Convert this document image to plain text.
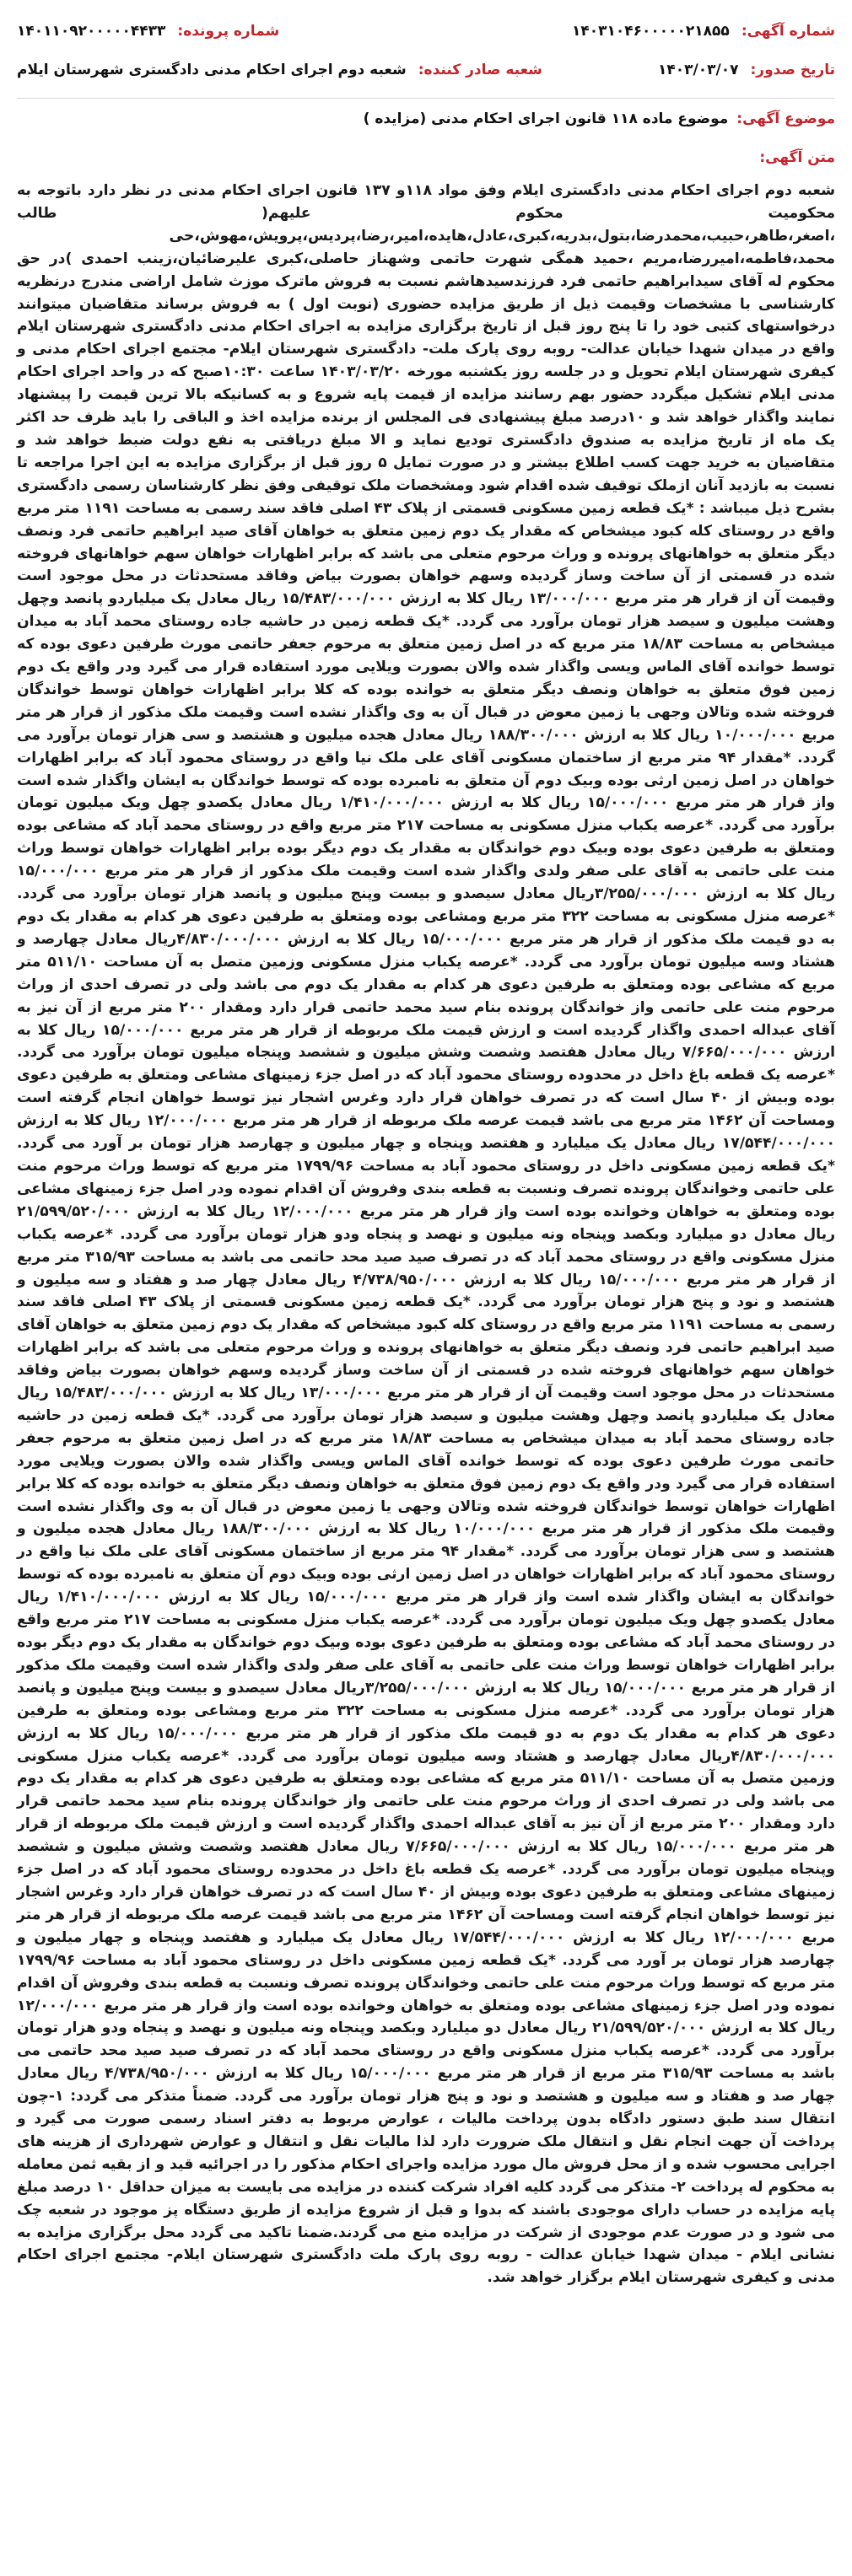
شماره آگهی:
۱۴۰۳۱۰۴۶۰۰۰۰۰۲۱۸۵۵
شماره پرونده:
۱۴۰۱۱۰۹۲۰۰۰۰۰۴۴۳۳
تاریخ صدور:
۱۴۰۳/۰۳/۰۷
شعبه صادر کننده:
شعبه دوم اجرای احکام مدنی دادگستری شهرستان ایلام
موضوع آگهی:
موضوع ماده ۱۱۸ قانون اجرای احکام مدنی (مزایده )
متن آگهی:
شعبه دوم اجرای احکام مدنی دادگستری ایلام وفق مواد ۱۱۸و ۱۳۷ قانون اجرای احکام مدنی در نظر دارد باتوجه به محکومیت محکوم علیهم( طالب ،اصغر،طاهر،حبیب،محمدرضا،بتول،بدریه،کبری،عادل،هایده،امیر،رضا،پردیس،پرویش،مهوش،حی محمد،فاطمه،امیررضا،مریم ،حمید همگی شهرت حاتمی وشهناز حاصلی،کبری علیرضائیان،زینب احمدی )در حق محکوم له آقای سیدابراهیم حاتمی فرد فرزندسیدهاشم نسبت به فروش ماترک موزث شامل اراضی مندرج درنظریه کارشناسی با مشخصات وقیمت ذیل از طریق مزایده حضوری (نوبت اول ) به فروش برساند متقاضیان میتوانند درخواستهای کتبی خود را تا پنج روز قبل از تاریخ برگزاری مزایده به اجرای احکام مدنی دادگستری شهرستان ایلام واقع در میدان شهدا خیابان عدالت- روبه روی پارک ملت- دادگستری شهرستان ایلام- مجتمع اجرای احکام مدنی و کیفری شهرستان ایلام تحویل و در جلسه روز یکشنبه مورخه ۱۴۰۳/۰۳/۲۰ ساعت ۱۰:۳۰صبح که در واحد اجرای احکام مدنی ایلام تشکیل میگردد حضور بهم رسانند مزایده از قیمت پایه شروع و به کسانیکه بالا ترین قیمت را پیشنهاد نمایند واگذار خواهد شد و ۱۰درصد مبلغ پیشنهادی فی المجلس از برنده مزایده اخذ و الباقی را باید ظرف حد اکثر یک ماه از تاریخ مزایده به صندوق دادگستری تودیع نماید و الا مبلغ دریافتی به نفع دولت ضبط خواهد شد و متقاضیان به خرید جهت کسب اطلاع بیشتر و در صورت تمایل ۵ روز قبل از برگزاری مزایده به این اجرا مراجعه تا نسبت به بازدید آنان ازملک توقیف شده اقدام شود ومشخصات ملک توقیفی وفق نظر کارشناسان رسمی دادگستری بشرح ذیل میباشد : *یک قطعه زمین مسکونی قسمتی از پلاک ۴۳ اصلی فاقد سند رسمی به مساحت ۱۱۹۱ متر مربع واقع در روستای کله کبود میشخاص که مقدار یک دوم زمین متعلق به خواهان آقای صید ابراهیم حاتمی فرد ونصف دیگر متعلق به خواهانهای پرونده و وراث مرحوم متعلی می باشد که برابر اظهارات خواهان سهم خواهانهای فروخته شده در قسمتی از آن ساخت وساز گردیده وسهم خواهان بصورت بیاض وفاقد مستحدثات در محل موجود است وقیمت آن از قرار هر متر مربع ۱۳/۰۰۰/۰۰۰ ریال کلا به ارزش ۱۵/۴۸۳/۰۰۰/۰۰۰ ریال معادل یک میلیاردو پانصد وچهل وهشت میلیون و سیصد هزار تومان برآورد می گردد. *یک قطعه زمین در حاشیه جاده روستای محمد آباد به میدان میشخاص به مساحت ۱۸/۸۳ متر مربع که در اصل زمین متعلق به مرحوم جعفر حاتمی مورث طرفین دعوی بوده که توسط خوانده آقای الماس ویسی واگذار شده والان بصورت ویلایی مورد استفاده قرار می گیرد ودر واقع یک دوم زمین فوق متعلق به خواهان ونصف دیگر متعلق به خوانده بوده که کلا برابر اظهارات خواهان توسط خواندگان فروخته شده وتالان وجهی یا زمین معوض در قبال آن به وی واگذار نشده است وقیمت ملک مذکور از قرار هر متر مربع ۱۰/۰۰۰/۰۰۰ ریال کلا به ارزش ۱۸۸/۳۰۰/۰۰۰ ریال معادل هجده میلیون و هشتصد و سی هزار تومان برآورد می گردد. *مقدار ۹۴ متر مربع از ساختمان مسکونی آقای علی ملک نیا واقع در روستای محمود آباد که برابر اظهارات خواهان در اصل زمین ارثی بوده وبیک دوم آن متعلق به نامبرده بوده که توسط خواندگان به ایشان واگذار شده است واز قرار هر متر مربع ۱۵/۰۰۰/۰۰۰ ریال کلا به ارزش ۱/۴۱۰/۰۰۰/۰۰۰ ریال معادل یکصدو چهل ویک میلیون تومان برآورد می گردد. *عرصه یکباب منزل مسکونی به مساحت ۲۱۷ متر مربع واقع در روستای محمد آباد که مشاعی بوده ومتعلق به طرفین دعوی بوده وبیک دوم خواندگان به مقدار یک دوم دیگر بوده برابر اظهارات خواهان توسط وراث منت علی حاتمی به آقای علی صفر ولدی واگذار شده است وقیمت ملک مذکور از قرار هر متر مربع ۱۵/۰۰۰/۰۰۰ ریال کلا به ارزش ۳/۲۵۵/۰۰۰/۰۰۰ریال معادل سیصدو و بیست وپنج میلیون و پانصد هزار تومان برآورد می گردد. *عرصه منزل مسکونی به مساحت ۳۲۲ متر مربع ومشاعی بوده ومتعلق به طرفین دعوی هر کدام به مقدار یک دوم به دو قیمت ملک مذکور از قرار هر متر مربع ۱۵/۰۰۰/۰۰۰ ریال کلا به ارزش ۴/۸۳۰/۰۰۰/۰۰۰ریال معادل چهارصد و هشتاد وسه میلیون تومان برآورد می گردد. *عرصه یکباب منزل مسکونی وزمین متصل به آن مساحت ۵۱۱/۱۰ متر مربع که مشاعی بوده ومتعلق به طرفین دعوی هر کدام به مقدار یک دوم می باشد ولی در تصرف احدی از وراث مرحوم منت علی حاتمی واز خواندگان پرونده بنام سید محمد حاتمی قرار دارد ومقدار ۲۰۰ متر مربع از آن نیز به آقای عبداله احمدی واگذار گردیده است و ارزش قیمت ملک مربوطه از قرار هر متر مربع ۱۵/۰۰۰/۰۰۰ ریال کلا به ارزش ۷/۶۶۵/۰۰۰/۰۰۰ ریال معادل هفتصد وشصت وشش میلیون و ششصد وپنجاه میلیون تومان برآورد می گردد. *عرصه یک قطعه باغ داخل در محدوده روستای محمود آباد که در اصل جزء زمینهای مشاعی ومتعلق به طرفین دعوی بوده وبیش از ۴۰ سال است که در تصرف خواهان قرار دارد وغرس اشجار نیز توسط خواهان انجام گرفته است ومساحت آن ۱۴۶۲ متر مربع می باشد قیمت عرصه ملک مربوطه از قرار هر متر مربع ۱۲/۰۰۰/۰۰۰ ریال کلا به ارزش ۱۷/۵۴۴/۰۰۰/۰۰۰ ریال معادل یک میلیارد و هفتصد وپنجاه و چهار میلیون و چهارصد هزار تومان بر آورد می گردد. *یک قطعه زمین مسکونی داخل در روستای محمود آباد به مساحت ۱۷۹۹/۹۶ متر مربع که توسط وراث مرحوم منت علی حاتمی وخواندگان پرونده تصرف ونسبت به قطعه بندی وفروش آن اقدام نموده ودر اصل جزء زمینهای مشاعی بوده ومتعلق به خواهان وخوانده بوده است واز قرار هر متر مربع ۱۲/۰۰۰/۰۰۰ ریال کلا به ارزش ۲۱/۵۹۹/۵۲۰/۰۰۰ ریال معادل دو میلیارد وبکصد وپنجاه ونه میلیون و نهصد و پنجاه ودو هزار تومان برآورد می گردد. *عرصه یکباب منزل مسکونی واقع در روستای محمد آباد که در تصرف صید صید محد حاتمی می باشد به مساحت ۳۱۵/۹۳ متر مربع از قرار هر متر مربع ۱۵/۰۰۰/۰۰۰ ریال کلا به ارزش ۴/۷۳۸/۹۵۰/۰۰۰ ریال معادل چهار صد و هفتاد و سه میلیون و هشتصد و نود و پنج هزار تومان برآورد می گردد. *یک قطعه زمین مسکونی قسمتی از پلاک ۴۳ اصلی فاقد سند رسمی به مساحت ۱۱۹۱ متر مربع واقع در روستای کله کبود میشخاص که مقدار یک دوم زمین متعلق به خواهان آقای صید ابراهیم حاتمی فرد ونصف دیگر متعلق به خواهانهای پرونده و وراث مرحوم متعلی می باشد که برابر اظهارات خواهان سهم خواهانهای فروخته شده در قسمتی از آن ساخت وساز گردیده وسهم خواهان بصورت بیاض وفاقد مستحدثات در محل موجود است وقیمت آن از قرار هر متر مربع ۱۳/۰۰۰/۰۰۰ ریال کلا به ارزش ۱۵/۴۸۳/۰۰۰/۰۰۰ ریال معادل یک میلیاردو پانصد وچهل وهشت میلیون و سیصد هزار تومان برآورد می گردد. *یک قطعه زمین در حاشیه جاده روستای محمد آباد به میدان میشخاص به مساحت ۱۸/۸۳ متر مربع که در اصل زمین متعلق به مرحوم جعفر حاتمی مورث طرفین دعوی بوده که توسط خوانده آقای الماس ویسی واگذار شده والان بصورت ویلایی مورد استفاده قرار می گیرد ودر واقع یک دوم زمین فوق متعلق به خواهان ونصف دیگر متعلق به خوانده بوده که کلا برابر اظهارات خواهان توسط خواندگان فروخته شده وتالان وجهی یا زمین معوض در قبال آن به وی واگذار نشده است وقیمت ملک مذکور از قرار هر متر مربع ۱۰/۰۰۰/۰۰۰ ریال کلا به ارزش ۱۸۸/۳۰۰/۰۰۰ ریال معادل هجده میلیون و هشتصد و سی هزار تومان برآورد می گردد. *مقدار ۹۴ متر مربع از ساختمان مسکونی آقای علی ملک نیا واقع در روستای محمود آباد که برابر اظهارات خواهان در اصل زمین ارثی بوده وبیک دوم آن متعلق به نامبرده بوده که توسط خواندگان به ایشان واگذار شده است واز قرار هر متر مربع ۱۵/۰۰۰/۰۰۰ ریال کلا به ارزش ۱/۴۱۰/۰۰۰/۰۰۰ ریال معادل یکصدو چهل ویک میلیون تومان برآورد می گردد. *عرصه یکباب منزل مسکونی به مساحت ۲۱۷ متر مربع واقع در روستای محمد آباد که مشاعی بوده ومتعلق به طرفین دعوی بوده وبیک دوم خواندگان به مقدار یک دوم دیگر بوده برابر اظهارات خواهان توسط وراث منت علی حاتمی به آقای علی صفر ولدی واگذار شده است وقیمت ملک مذکور از قرار هر متر مربع ۱۵/۰۰۰/۰۰۰ ریال کلا به ارزش ۳/۲۵۵/۰۰۰/۰۰۰ریال معادل سیصدو و بیست وپنج میلیون و پانصد هزار تومان برآورد می گردد. *عرصه منزل مسکونی به مساحت ۳۲۲ متر مربع ومشاعی بوده ومتعلق به طرفین دعوی هر کدام به مقدار یک دوم به دو قیمت ملک مذکور از قرار هر متر مربع ۱۵/۰۰۰/۰۰۰ ریال کلا به ارزش ۴/۸۳۰/۰۰۰/۰۰۰ریال معادل چهارصد و هشتاد وسه میلیون تومان برآورد می گردد. *عرصه یکباب منزل مسکونی وزمین متصل به آن مساحت ۵۱۱/۱۰ متر مربع که مشاعی بوده ومتعلق به طرفین دعوی هر کدام به مقدار یک دوم می باشد ولی در تصرف احدی از وراث مرحوم منت علی حاتمی واز خواندگان پرونده بنام سید محمد حاتمی قرار دارد ومقدار ۲۰۰ متر مربع از آن نیز به آقای عبداله احمدی واگذار گردیده است و ارزش قیمت ملک مربوطه از قرار هر متر مربع ۱۵/۰۰۰/۰۰۰ ریال کلا به ارزش ۷/۶۶۵/۰۰۰/۰۰۰ ریال معادل هفتصد وشصت وشش میلیون و ششصد وپنجاه میلیون تومان برآورد می گردد. *عرصه یک قطعه باغ داخل در محدوده روستای محمود آباد که در اصل جزء زمینهای مشاعی ومتعلق به طرفین دعوی بوده وبیش از ۴۰ سال است که در تصرف خواهان قرار دارد وغرس اشجار نیز توسط خواهان انجام گرفته است ومساحت آن ۱۴۶۲ متر مربع می باشد قیمت عرصه ملک مربوطه از قرار هر متر مربع ۱۲/۰۰۰/۰۰۰ ریال کلا به ارزش ۱۷/۵۴۴/۰۰۰/۰۰۰ ریال معادل یک میلیارد و هفتصد وپنجاه و چهار میلیون و چهارصد هزار تومان بر آورد می گردد. *یک قطعه زمین مسکونی داخل در روستای محمود آباد به مساحت ۱۷۹۹/۹۶ متر مربع که توسط وراث مرحوم منت علی حاتمی وخواندگان پرونده تصرف ونسبت به قطعه بندی وفروش آن اقدام نموده ودر اصل جزء زمینهای مشاعی بوده ومتعلق به خواهان وخوانده بوده است واز قرار هر متر مربع ۱۲/۰۰۰/۰۰۰ ریال کلا به ارزش ۲۱/۵۹۹/۵۲۰/۰۰۰ ریال معادل دو میلیارد وبکصد وپنجاه ونه میلیون و نهصد و پنجاه ودو هزار تومان برآورد می گردد. *عرصه یکباب منزل مسکونی واقع در روستای محمد آباد که در تصرف صید صید محد حاتمی می باشد به مساحت ۳۱۵/۹۳ متر مربع از قرار هر متر مربع ۱۵/۰۰۰/۰۰۰ ریال کلا به ارزش ۴/۷۳۸/۹۵۰/۰۰۰ ریال معادل چهار صد و هفتاد و سه میلیون و هشتصد و نود و پنج هزار تومان برآورد می گردد. ضمناً متذکر می گردد: ۱-چون انتقال سند طبق دستور دادگاه بدون پرداخت مالیات ، عوارض مربوط به دفتر اسناد رسمی صورت می گیرد و پرداخت آن جهت انجام نقل و انتقال ملک ضرورت دارد لذا مالیات نقل و انتقال و عوارض شهرداری از هزینه های اجرایی محسوب شده و از محل فروش مال مورد مزایده واجرای احکام مذکور را در اجرائیه قید و از بقیه ثمن معامله به محکوم له پرداخت ۲- متذکر می گردد کلیه افراد شرکت کننده در مزایده می بایست به میزان حداقل ۱۰ درصد مبلغ پایه مزایده در حساب دارای موجودی باشند که بدوا و قبل از شروع مزایده از طریق دستگاه پز موجود در شعبه چک می شود و در صورت عدم موجودی از شرکت در مزایده منع می گردند.ضمنا تاکید می گردد محل برگزاری مزایده به نشانی ایلام - میدان شهدا خیابان عدالت - روبه روی پارک ملت دادگستری شهرستان ایلام- مجتمع اجرای احکام مدنی و کیفری شهرستان ایلام برگزار خواهد شد.
